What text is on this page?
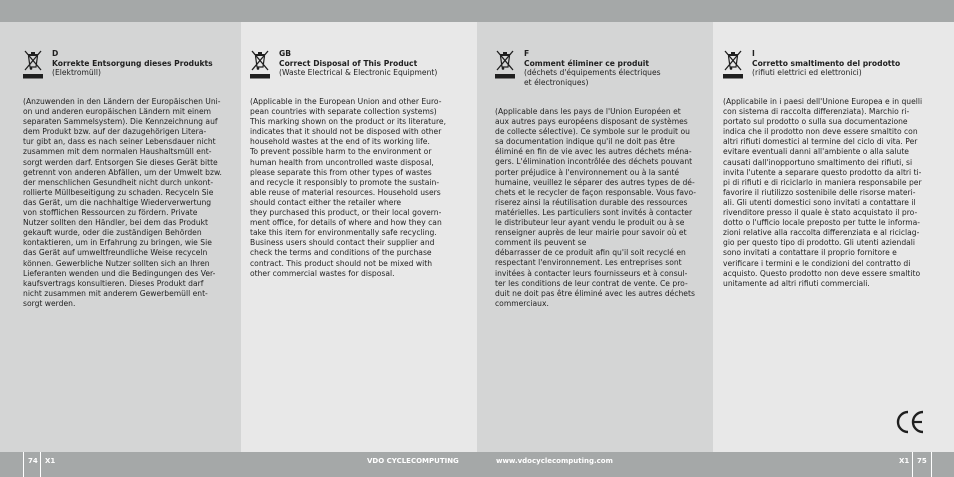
D
Korrekte Entsorgung dieses Produkts
(Elektromüll)
(Anzuwenden in den Ländern der Europäischen Uni-
on und anderen europäischen Ländern mit einem
separaten Sammelsystem). Die Kennzeichnung auf
dem Produkt bzw. auf der dazugehörigen Litera-
tur gibt an, dass es nach seiner Lebensdauer nicht
zusammen mit dem normalen Haushaltsmüll ent-
sorgt werden darf. Entsorgen Sie dieses Gerät bitte
getrennt von anderen Abfällen, um der Umwelt bzw.
der menschlichen Gesundheit nicht durch unkont-
rollierte Müllbeseitigung zu schaden. Recyceln Sie
das Gerät, um die nachhaltige Wiederverwertung
von stofflichen Ressourcen zu fördern. Private
Nutzer sollten den Händler, bei dem das Produkt
gekauft wurde, oder die zuständigen Behörden
kontaktieren, um in Erfahrung zu bringen, wie Sie
das Gerät auf umweltfreundliche Weise recyceln
können. Gewerbliche Nutzer sollten sich an Ihren
Lieferanten wenden und die Bedingungen des Ver-
kaufsvertrags konsultieren. Dieses Produkt darf
nicht zusammen mit anderem Gewerbemüll ent-
sorgt werden.
GB
Correct Disposal of This Product
(Waste Electrical & Electronic Equipment)
(Applicable in the European Union and other Euro-
pean countries with separate collection systems)
This marking shown on the product or its literature,
indicates that it should not be disposed with other
household wastes at the end of its working life.
To prevent possible harm to the environment or
human health from uncontrolled waste disposal,
please separate this from other types of wastes
and recycle it responsibly to promote the sustain-
able reuse of material resources. Household users
should contact either the retailer where
they purchased this product, or their local govern-
ment office, for details of where and how they can
take this item for environmentally safe recycling.
Business users should contact their supplier and
check the terms and conditions of the purchase
contract. This product should not be mixed with
other commercial wastes for disposal.
F
Comment éliminer ce produit
(déchets d'équipements électriques
et électroniques)
(Applicable dans les pays de l'Union Européen et
aux autres pays européens disposant de systèmes
de collecte sélective). Ce symbole sur le produit ou
sa documentation indique qu'il ne doit pas être
éliminé en fin de vie avec les autres déchets ména-
gers. L'élimination incontrôlée des déchets pouvant
porter préjudice à l'environnement ou à la santé
humaine, veuillez le séparer des autres types de dé-
chets et le recycler de façon responsable. Vous favo-
riserez ainsi la réutilisation durable des ressources
matérielles. Les particuliers sont invités à contacter
le distributeur leur ayant vendu le produit ou à se
renseigner auprès de leur mairie pour savoir où et
comment ils peuvent se
débarrasser de ce produit afin qu'il soit recyclé en
respectant l'environnement. Les entreprises sont
invitées à contacter leurs fournisseurs et à consul-
ter les conditions de leur contrat de vente. Ce pro-
duit ne doit pas être éliminé avec les autres déchets
commerciaux.
I
Corretto smaltimento del prodotto
(rifiuti elettrici ed elettronici)
(Applicabile in i paesi dell'Unione Europea e in quelli
con sistema di raccolta differenziata). Marchio ri-
portato sul prodotto o sulla sua documentazione
indica che il prodotto non deve essere smaltito con
altri rifiuti domestici al termine del ciclo di vita. Per
evitare eventuali danni all'ambiente o alla salute
causati dall'inopportuno smaltimento dei rifiuti, si
invita l'utente a separare questo prodotto da altri ti-
pi di rifiuti e di riciclarlo in maniera responsabile per
favorire il riutilizzo sostenibile delle risorse materi-
ali. Gli utenti domestici sono invitati a contattare il
rivenditore presso il quale è stato acquistato il pro-
dotto o l'ufficio locale preposto per tutte le informa-
zioni relative alla raccolta differenziata e al riciclag-
gio per questo tipo di prodotto. Gli utenti aziendali
sono invitati a contattare il proprio fornitore e
verificare i termini e le condizioni del contratto di
acquisto. Questo prodotto non deve essere smaltito
unitamente ad altri rifiuti commerciali.
74 X1	VDO CYCLECOMPUTING	www.vdocyclecomputing.com	X1 75
